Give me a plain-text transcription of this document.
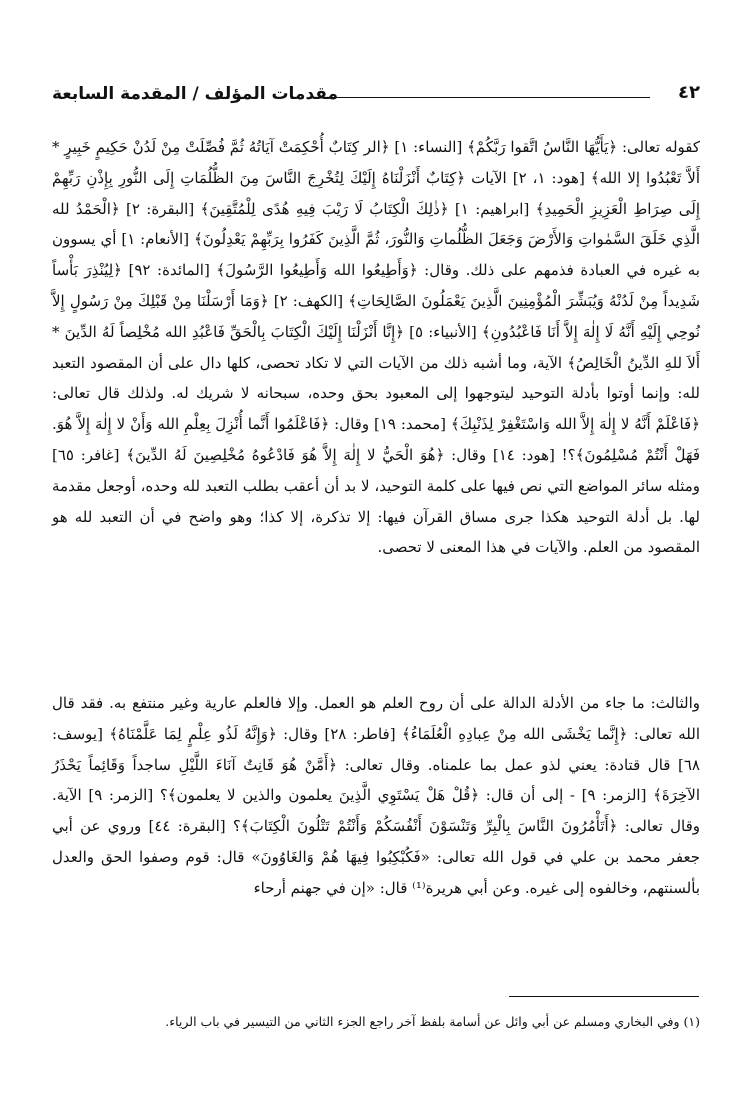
مقدمات المؤلف / المقدمة السابعة	٤٢

كقوله تعالى: ﴿يَأَيُّهَا النَّاسُ اتَّقوا رَبَّكُمْ﴾ [النساء: ١] ﴿الر كِتَابٌ أُحْكِمَتْ آيَاتُهُ ثُمَّ فُصِّلَتْ مِنْ لَدُنْ حَكِيمٍ خَبِيرٍ * أَلاَّ تَعْبُدُوا إلا الله﴾ [هود: ١، ٢] الآيات ﴿كِتَابٌ أَنْزَلْنَاهُ إِلَيْكَ لِتُخْرِجَ النَّاسَ مِنَ الظُّلُمَاتِ إِلَى النُّورِ بِإِذْنِ رَبِّهِمْ إِلَى صِرَاطِ الْعَزِيزِ الْحَمِيدِ﴾ [ابراهيم: ١] ﴿ذٰلِكَ الْكِتَابُ لَا رَيْبَ فِيهِ هُدًى لِلْمُتَّقِينَ﴾ [البقرة: ٢] ﴿الْحَمْدُ لله الَّذِي خَلَقَ السَّمٰواتِ وَالأَرْضَ وَجَعَلَ الظُّلُماتِ وَالنُّورَ، ثُمَّ الَّذِينَ كَفَرُوا بِرَبِّهِمْ يَعْدِلُونَ﴾ [الأنعام: ١] أي يسوون به غيره في العبادة فذمهم على ذلك. وقال: ﴿وَأَطِيعُوا الله وَأَطِيعُوا الرَّسُولَ﴾ [المائدة: ٩٢] ﴿لِيُنْذِرَ بَأْساً شَدِيداً مِنْ لَدُنْهُ وَيُبَشِّرَ الْمُؤْمِنِينَ الَّذِينَ يَعْمَلُونَ الصَّالِحَاتِ﴾ [الكهف: ٢] ﴿وَمَا أَرْسَلْنَا مِنْ قَبْلِكَ مِنْ رَسُولٍ إِلاَّ نُوحِي إِلَيْهِ أَنَّهُ لَا إِلٰهَ إِلاَّ أَنَا فَاعْبُدُونِ﴾ [الأنبياء: ٥] ﴿إِنَّا أَنْزَلْنَا إِلَيْكَ الْكِتَابَ بِالْحَقِّ فَاعْبُدِ الله مُخْلِصاً لَهُ الدِّينَ * أَلاَ للهِ الدِّينُ الْخَالِصُ﴾ الآية، وما أشبه ذلك من الآيات التي لا تكاد تحصى، كلها دال على أن المقصود التعبد لله: وإنما أوتوا بأدلة التوحيد ليتوجهوا إلى المعبود بحق وحده، سبحانه لا شريك له. ولذلك قال تعالى: ﴿فَاعْلَمْ أَنَّهُ لا إِلٰهَ إِلاَّ الله وَاسْتَغْفِرْ لِذَنْبِكَ﴾ [محمد: ١٩] وقال: ﴿فَاعْلَمُوا أَنَّما أُنْزِلَ بِعِلْمِ الله وَأَنْ لا إِلٰهَ إِلاَّ هُوَ. فَهَلْ أَنْتُمْ مُسْلِمُونَ﴾؟! [هود: ١٤] وقال: ﴿هُوَ الْحَيُّ لا إِلٰهَ إِلاَّ هُوَ فَادْعُوهُ مُخْلِصِينَ لَهُ الدِّينَ﴾ [غافر: ٦٥] ومثله سائر المواضع التي نص فيها على كلمة التوحيد، لا بد أن أعقب بطلب التعبد لله وحده، أوجعل مقدمة لها. بل أدلة التوحيد هكذا جرى مساق القرآن فيها: إلا تذكرة، إلا كذا؛ وهو واضح في أن التعبد لله هو المقصود من العلم. والآيات في هذا المعنى لا تحصى.

والثالث: ما جاء من الأدلة الدالة على أن روح العلم هو العمل. وإلا فالعلم عارية وغير منتفع به. فقد قال الله تعالى: ﴿إِنَّما يَخْشَى الله مِنْ عِبادِهِ الْعُلَمَاءُ﴾ [فاطر: ٢٨] وقال: ﴿وَإِنَّهُ لَذُو عِلْمٍ لِمَا عَلَّمْنَاهُ﴾ [يوسف: ٦٨] قال قتادة: يعني لذو عمل بما علمناه. وقال تعالى: ﴿أَمَّنْ هُوَ قَانِتٌ آنَاءَ اللَّيْلِ ساجداً وَقَائِماً يَحْذَرُ الآخِرَةَ﴾ [الزمر: ٩] - إلى أن قال: ﴿قُلْ هَلْ يَسْتَوِي الَّذِينَ يعلمون والذين لا يعلمون﴾؟ [الزمر: ٩] الآية. وقال تعالى: ﴿أَتَأْمُرُونَ النَّاسَ بِالْبِرِّ وَتَنْسَوْنَ أَنْفُسَكُمْ وَأَنْتُمْ تَتْلُونَ الْكِتَابَ﴾؟ [البقرة: ٤٤] وروي عن أبي جعفر محمد بن علي في قول الله تعالى: «فَكُبْكِبُوا فِيهَا هُمْ وَالغَاوُونَ» قال: قوم وصفوا الحق والعدل بألسنتهم، وخالفوه إلى غيره. وعن أبي هريرة⁽¹⁾ قال: «إن في جهنم أرحاء

(١) وفي البخاري ومسلم عن أبي وائل عن أسامة بلفظ آخر راجع الجزء الثاني من التيسير في باب الرياء.
